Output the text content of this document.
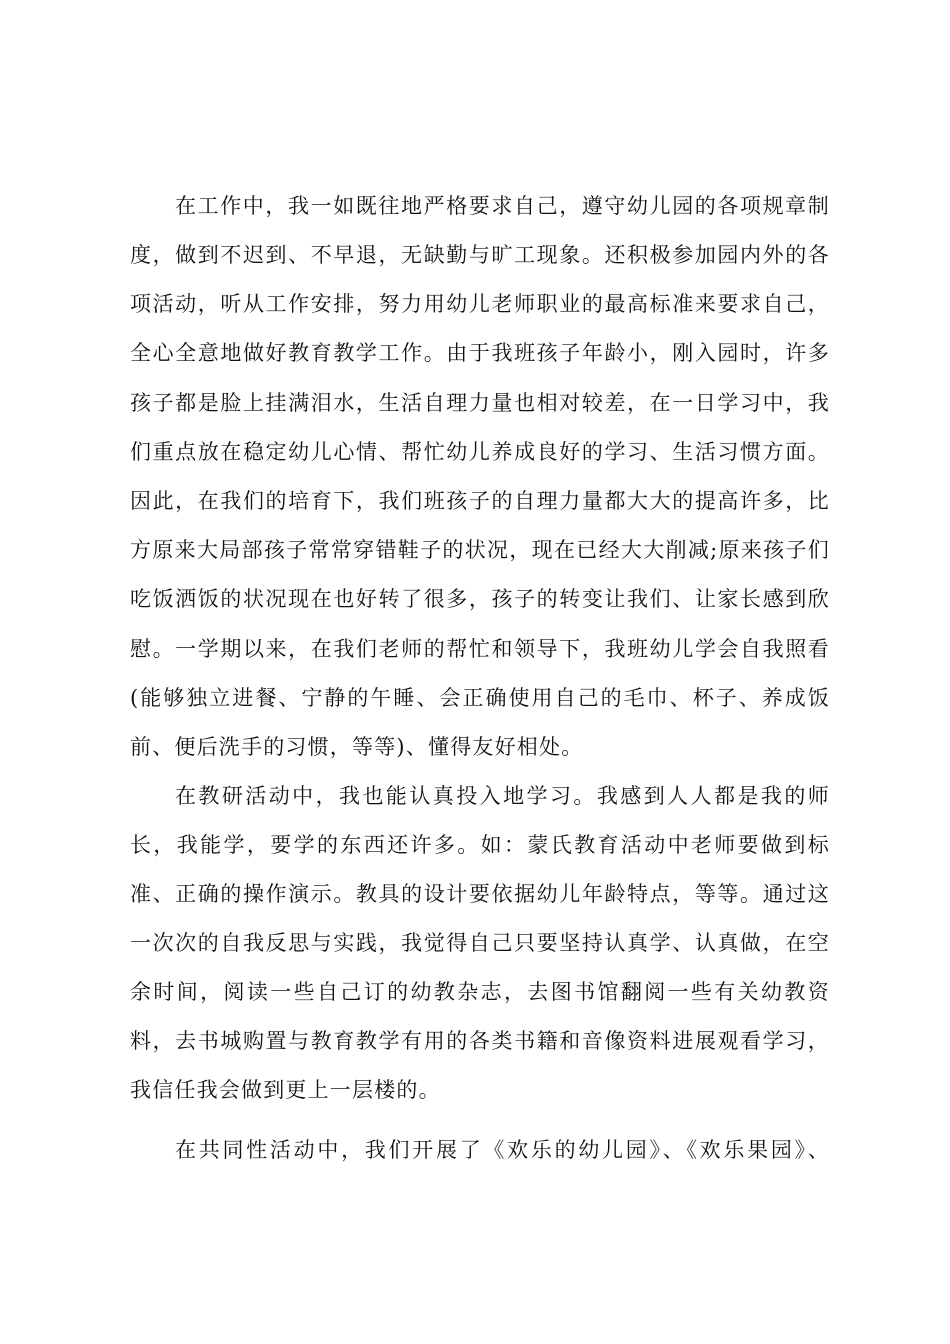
在工作中，我一如既往地严格要求自己，遵守幼儿园的各项规章制
度，做到不迟到、不早退，无缺勤与旷工现象。还积极参加园内外的各
项活动，听从工作安排，努力用幼儿老师职业的最高标准来要求自己，
全心全意地做好教育教学工作。由于我班孩子年龄小，刚入园时，许多
孩子都是脸上挂满泪水，生活自理力量也相对较差，在一日学习中，我
们重点放在稳定幼儿心情、帮忙幼儿养成良好的学习、生活习惯方面。
因此，在我们的培育下，我们班孩子的自理力量都大大的提高许多，比
方原来大局部孩子常常穿错鞋子的状况，现在已经大大削减;原来孩子们
吃饭洒饭的状况现在也好转了很多，孩子的转变让我们、让家长感到欣
慰。一学期以来，在我们老师的帮忙和领导下，我班幼儿学会自我照看
(能够独立进餐、宁静的午睡、会正确使用自己的毛巾、杯子、养成饭
前、便后洗手的习惯，等等)、懂得友好相处。
在教研活动中，我也能认真投入地学习。我感到人人都是我的师
长，我能学，要学的东西还许多。如：蒙氏教育活动中老师要做到标
准、正确的操作演示。教具的设计要依据幼儿年龄特点，等等。通过这
一次次的自我反思与实践，我觉得自己只要坚持认真学、认真做，在空
余时间，阅读一些自己订的幼教杂志，去图书馆翻阅一些有关幼教资
料，去书城购置与教育教学有用的各类书籍和音像资料进展观看学习，
我信任我会做到更上一层楼的。
在共同性活动中，我们开展了《欢乐的幼儿园》、《欢乐果园》、
